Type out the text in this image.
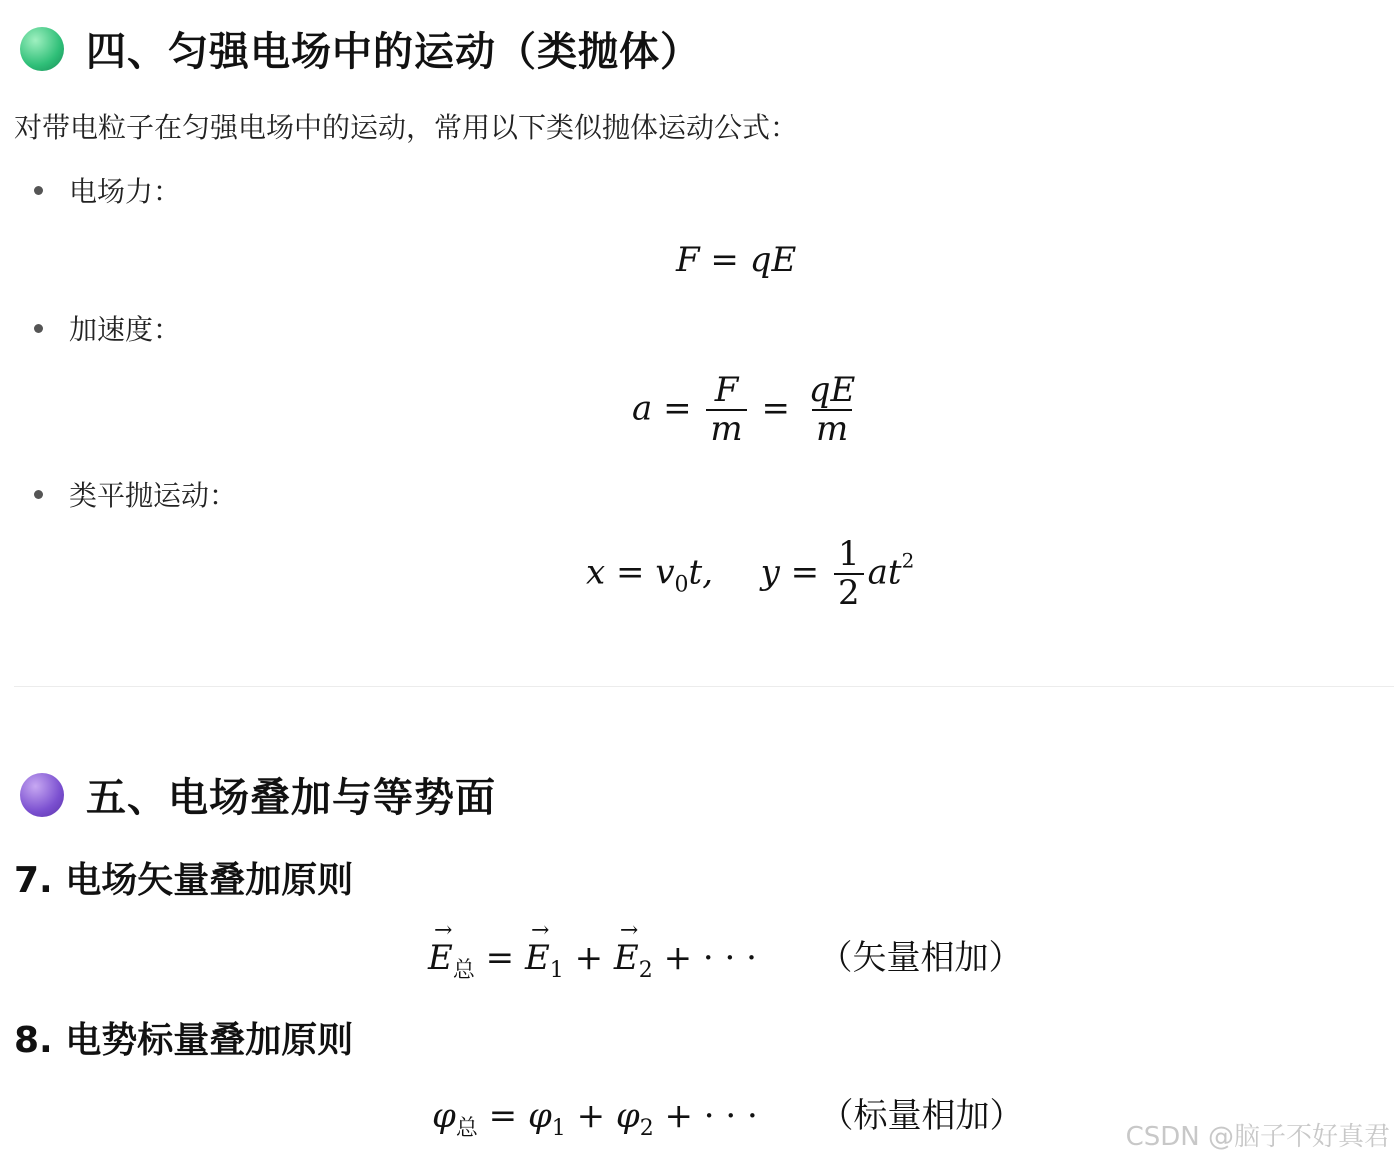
四、匀强电场中的运动（类抛体）
对带电粒子在匀强电场中的运动，常用以下类似抛体运动公式：
电场力：
F = qE
加速度：
$a = \frac{F}{m} = \frac{qE}{m}$
类平抛运动：
$x = v_0t$, $y = \frac{1}{2} at^2$
五、电场叠加与等势面
7. 电场矢量叠加原则
→ $E_总$ = → $E_1$ + → $E_2$ + · · · （矢量相加）
8. 电势标量叠加原则
$\varphi_总 = \varphi_1 + \varphi_2$ + · · · （标量相加）
CSDN @脑子不好真君
